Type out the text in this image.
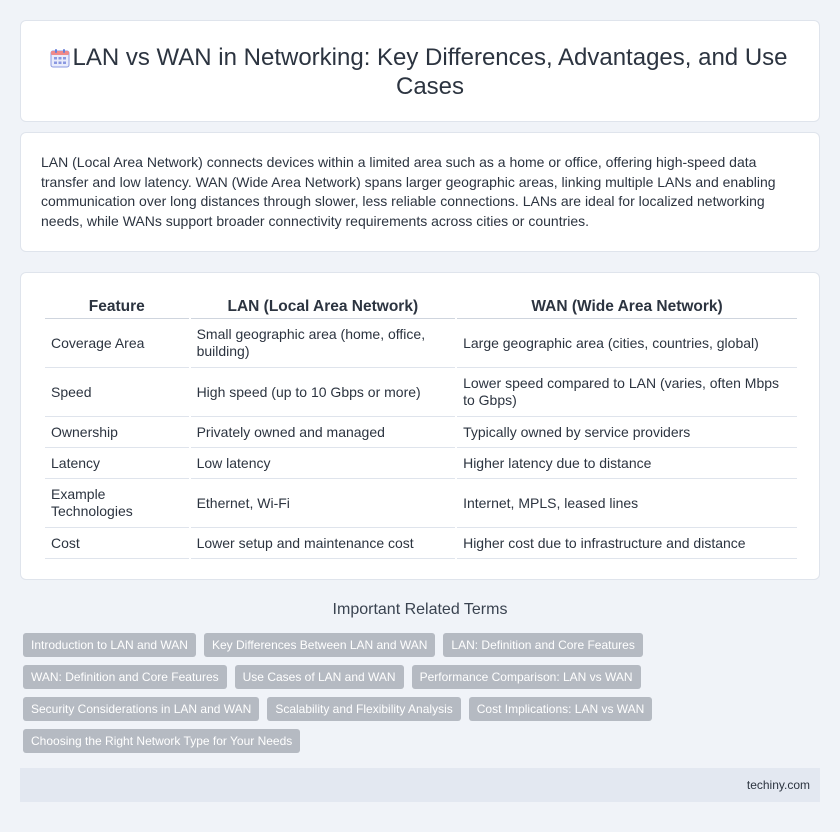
LAN vs WAN in Networking: Key Differences, Advantages, and Use Cases

LAN (Local Area Network) connects devices within a limited area such as a home or office, offering high-speed data transfer and low latency. WAN (Wide Area Network) spans larger geographic areas, linking multiple LANs and enabling communication over long distances through slower, less reliable connections. LANs are ideal for localized networking needs, while WANs support broader connectivity requirements across cities or countries.

Feature	LAN (Local Area Network)	WAN (Wide Area Network)
Coverage Area	Small geographic area (home, office, building)	Large geographic area (cities, countries, global)
Speed	High speed (up to 10 Gbps or more)	Lower speed compared to LAN (varies, often Mbps to Gbps)
Ownership	Privately owned and managed	Typically owned by service providers
Latency	Low latency	Higher latency due to distance
Example Technologies	Ethernet, Wi-Fi	Internet, MPLS, leased lines
Cost	Lower setup and maintenance cost	Higher cost due to infrastructure and distance
Important Related Terms
Introduction to LAN and WAN	Key Differences Between LAN and WAN	LAN: Definition and Core Features
WAN: Definition and Core Features	Use Cases of LAN and WAN	Performance Comparison: LAN vs WAN
Security Considerations in LAN and WAN	Scalability and Flexibility Analysis	Cost Implications: LAN vs WAN
Choosing the Right Network Type for Your Needs
techiny.com
